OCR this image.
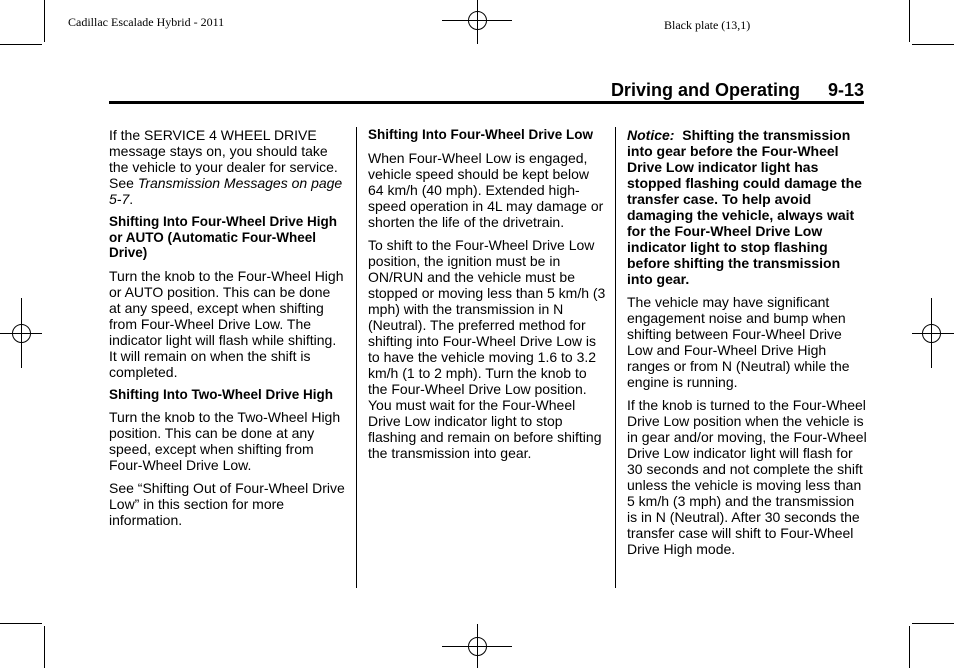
Cadillac Escalade Hybrid - 2011	Black plate (13,1)
Driving and Operating 9-13

If the SERVICE 4 WHEEL DRIVE message stays on, you should take the vehicle to your dealer for service. See Transmission Messages on page 5-7.

Shifting Into Four-Wheel Drive High or AUTO (Automatic Four-Wheel Drive)

Turn the knob to the Four-Wheel High or AUTO position. This can be done at any speed, except when shifting from Four-Wheel Drive Low. The indicator light will flash while shifting. It will remain on when the shift is completed.

Shifting Into Two-Wheel Drive High

Turn the knob to the Two-Wheel High position. This can be done at any speed, except when shifting from Four-Wheel Drive Low.

See “Shifting Out of Four-Wheel Drive Low” in this section for more information.

Shifting Into Four-Wheel Drive Low

When Four-Wheel Low is engaged, vehicle speed should be kept below 64 km/h (40 mph). Extended high-speed operation in 4L may damage or shorten the life of the drivetrain.

To shift to the Four-Wheel Drive Low position, the ignition must be in ON/RUN and the vehicle must be stopped or moving less than 5 km/h (3 mph) with the transmission in N (Neutral). The preferred method for shifting into Four-Wheel Drive Low is to have the vehicle moving 1.6 to 3.2 km/h (1 to 2 mph). Turn the knob to the Four-Wheel Drive Low position. You must wait for the Four-Wheel Drive Low indicator light to stop flashing and remain on before shifting the transmission into gear.

Notice: Shifting the transmission into gear before the Four-Wheel Drive Low indicator light has stopped flashing could damage the transfer case. To help avoid damaging the vehicle, always wait for the Four-Wheel Drive Low indicator light to stop flashing before shifting the transmission into gear.

The vehicle may have significant engagement noise and bump when shifting between Four-Wheel Drive Low and Four-Wheel Drive High ranges or from N (Neutral) while the engine is running.

If the knob is turned to the Four-Wheel Drive Low position when the vehicle is in gear and/or moving, the Four-Wheel Drive Low indicator light will flash for 30 seconds and not complete the shift unless the vehicle is moving less than 5 km/h (3 mph) and the transmission is in N (Neutral). After 30 seconds the transfer case will shift to Four-Wheel Drive High mode.
